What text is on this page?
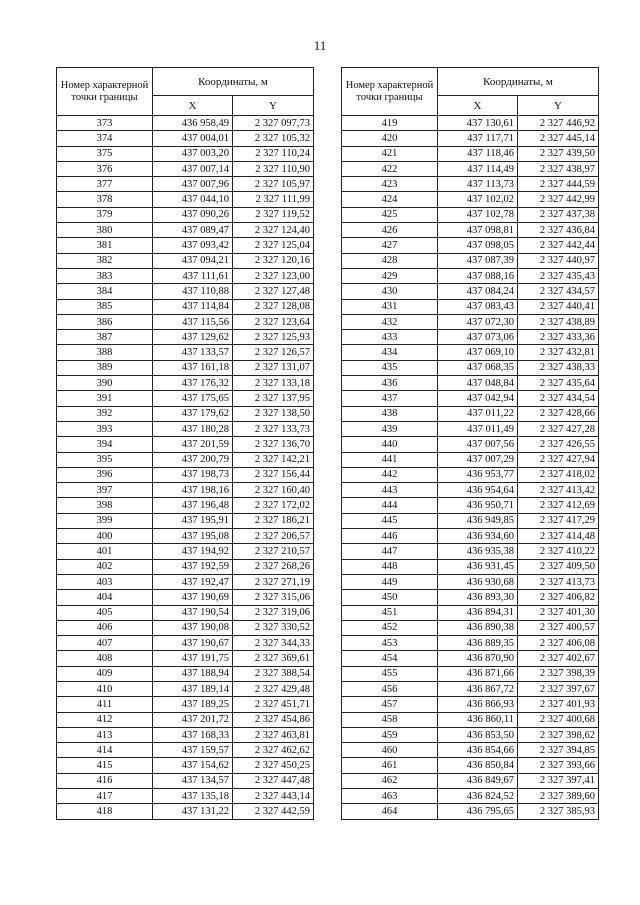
11
Номер характерной точки границы	Координаты, м	
	X	Y
373	436 958,49	2 327 097,73
374	437 004,01	2 327 105,32
375	437 003,20	2 327 110,24
376	437 007,14	2 327 110,90
377	437 007,96	2 327 105,97
378	437 044,10	2 327 111,99
379	437 090,26	2 327 119,52
380	437 089,47	2 327 124,40
381	437 093,42	2 327 125,04
382	437 094,21	2 327 120,16
383	437 111,61	2 327 123,00
384	437 110,88	2 327 127,48
385	437 114,84	2 327 128,08
386	437 115,56	2 327 123,64
387	437 129,62	2 327 125,93
388	437 133,57	2 327 126,57
389	437 161,18	2 327 131,07
390	437 176,32	2 327 133,18
391	437 175,65	2 327 137,95
392	437 179,62	2 327 138,50
393	437 180,28	2 327 133,73
394	437 201,59	2 327 136,70
395	437 200,79	2 327 142,21
396	437 198,73	2 327 156,44
397	437 198,16	2 327 160,40
398	437 196,48	2 327 172,02
399	437 195,91	2 327 186,21
400	437 195,08	2 327 206,57
401	437 194,92	2 327 210,57
402	437 192,59	2 327 268,26
403	437 192,47	2 327 271,19
404	437 190,69	2 327 315,06
405	437 190,54	2 327 319,06
406	437 190,08	2 327 330,52
407	437 190,67	2 327 344,33
408	437 191,75	2 327 369,61
409	437 188,94	2 327 388,54
410	437 189,14	2 327 429,48
411	437 189,25	2 327 451,71
412	437 201,72	2 327 454,86
413	437 168,33	2 327 463,81
414	437 159,57	2 327 462,62
415	437 154,62	2 327 450,25
416	437 134,57	2 327 447,48
417	437 135,18	2 327 443,14
418	437 131,22	2 327 442,59
Номер характерной точки границы	Координаты, м	
	X	Y
419	437 130,61	2 327 446,92
420	437 117,71	2 327 445,14
421	437 118,46	2 327 439,50
422	437 114,49	2 327 438,97
423	437 113,73	2 327 444,59
424	437 102,02	2 327 442,99
425	437 102,78	2 327 437,38
426	437 098,81	2 327 436,84
427	437 098,05	2 327 442,44
428	437 087,39	2 327 440,97
429	437 088,16	2 327 435,43
430	437 084,24	2 327 434,57
431	437 083,43	2 327 440,41
432	437 072,30	2 327 438,89
433	437 073,06	2 327 433,36
434	437 069,10	2 327 432,81
435	437 068,35	2 327 438,33
436	437 048,84	2 327 435,64
437	437 042,94	2 327 434,54
438	437 011,22	2 327 428,66
439	437 011,49	2 327 427,28
440	437 007,56	2 327 426,55
441	437 007,29	2 327 427,94
442	436 953,77	2 327 418,02
443	436 954,64	2 327 413,42
444	436 950,71	2 327 412,69
445	436 949,85	2 327 417,29
446	436 934,60	2 327 414,48
447	436 935,38	2 327 410,22
448	436 931,45	2 327 409,50
449	436 930,68	2 327 413,73
450	436 893,30	2 327 406,82
451	436 894,31	2 327 401,30
452	436 890,38	2 327 400,57
453	436 889,35	2 327 406,08
454	436 870,90	2 327 402,67
455	436 871,66	2 327 398,39
456	436 867,72	2 327 397,67
457	436 866,93	2 327 401,93
458	436 860,11	2 327 400,68
459	436 853,50	2 327 398,62
460	436 854,66	2 327 394,85
461	436 850,84	2 327 393,66
462	436 849,67	2 327 397,41
463	436 824,52	2 327 389,60
464	436 795,65	2 327 385,93
